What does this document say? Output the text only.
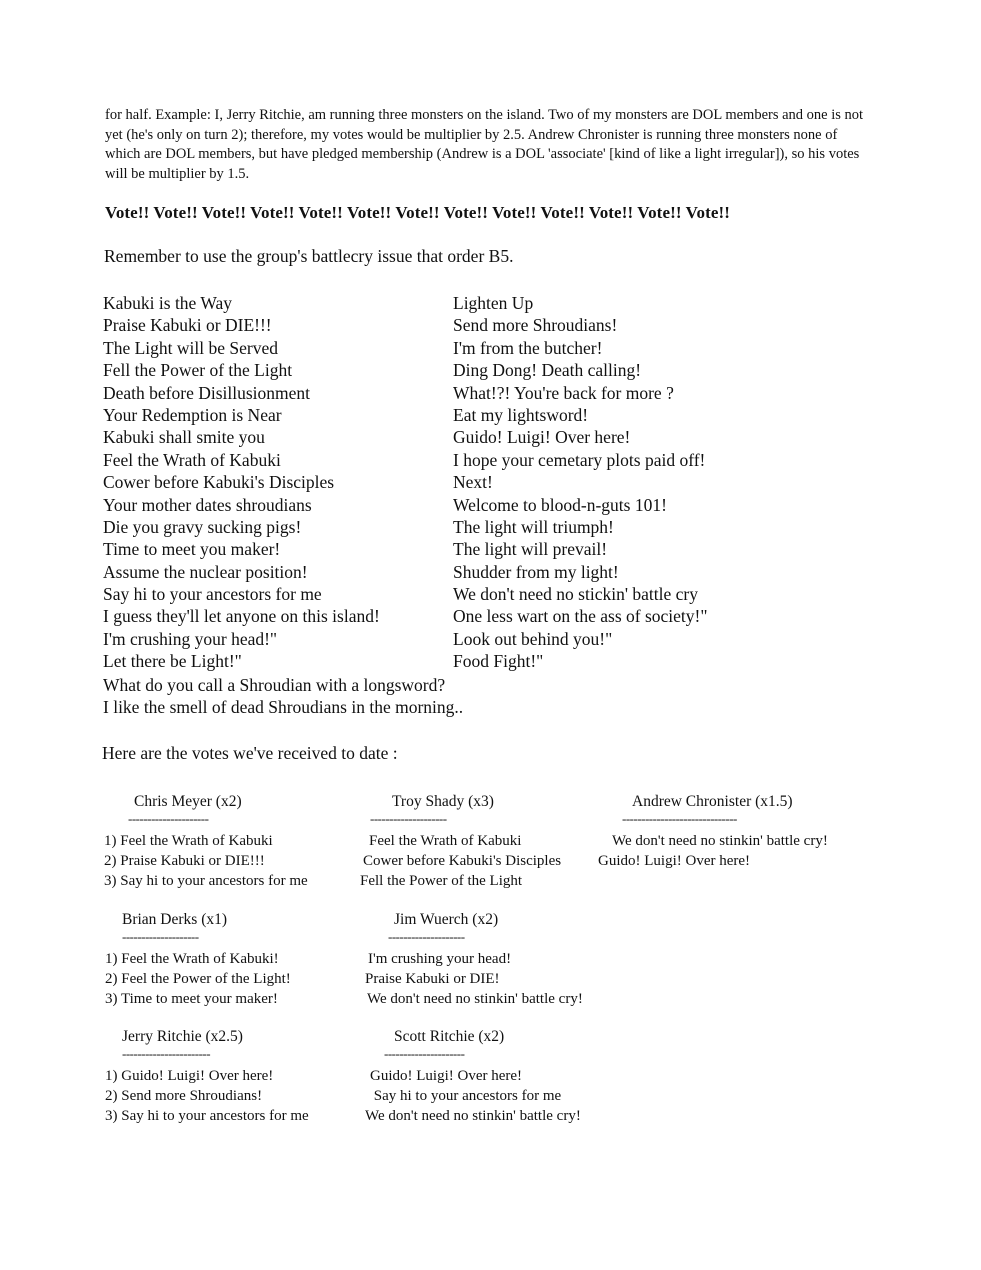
for half. Example: I, Jerry Ritchie, am running three monsters on the island. Two of my monsters are DOL members and one is not yet (he's only on turn 2); therefore, my votes would be multiplier by 2.5. Andrew Chronister is running three monsters none of which are DOL members, but have pledged membership (Andrew is a DOL 'associate' [kind of like a light irregular]), so his votes will be multiplier by 1.5.
Vote!! Vote!! Vote!! Vote!! Vote!! Vote!! Vote!! Vote!! Vote!! Vote!! Vote!! Vote!! Vote!!
Remember to use the group's battlecry issue that order B5.
Kabuki is the Way
Praise Kabuki or DIE!!!
The Light will be Served
Fell the Power of the Light
Death before Disillusionment
Your Redemption is Near
Kabuki shall smite you
Feel the Wrath of Kabuki
Cower before Kabuki's Disciples
Your mother dates shroudians
Die you gravy sucking pigs!
Time to meet you maker!
Assume the nuclear position!
Say hi to your ancestors for me
I guess they'll let anyone on this island!
I'm crushing your head!"
Let there be Light!"
Lighten Up
Send more Shroudians!
I'm from the butcher!
Ding Dong! Death calling!
What!?! You're back for more ?
Eat my lightsword!
Guido! Luigi! Over here!
I hope your cemetary plots paid off!
Next!
Welcome to blood-n-guts 101!
The light will triumph!
The light will prevail!
Shudder from my light!
We don't need no stickin' battle cry
One less wart on the ass of society!"
Look out behind you!"
Food Fight!"
What do you call a Shroudian with a longsword?
I like the smell of dead Shroudians in the morning..
Here are the votes we've received to date :
Chris Meyer (x2)
---------------------
1) Feel the Wrath of Kabuki
2) Praise Kabuki or DIE!!!
3) Say hi to your ancestors for me
Troy Shady (x3)
--------------------
Feel the Wrath of Kabuki
Cower before Kabuki's Disciples
Fell the Power of the Light
Andrew Chronister (x1.5)
------------------------------
We don't need no stinkin' battle cry!
Guido! Luigi! Over here!
Brian Derks (x1)
--------------------
1) Feel the Wrath of Kabuki!
2) Feel the Power of the Light!
3) Time to meet your maker!
Jim Wuerch (x2)
--------------------
I'm crushing your head!
Praise Kabuki or DIE!
We don't need no stinkin' battle cry!
Jerry Ritchie (x2.5)
-----------------------
1) Guido! Luigi! Over here!
2) Send more Shroudians!
3) Say hi to your ancestors for me
Scott Ritchie (x2)
---------------------
Guido! Luigi! Over here!
Say hi to your ancestors for me
We don't need no stinkin' battle cry!
